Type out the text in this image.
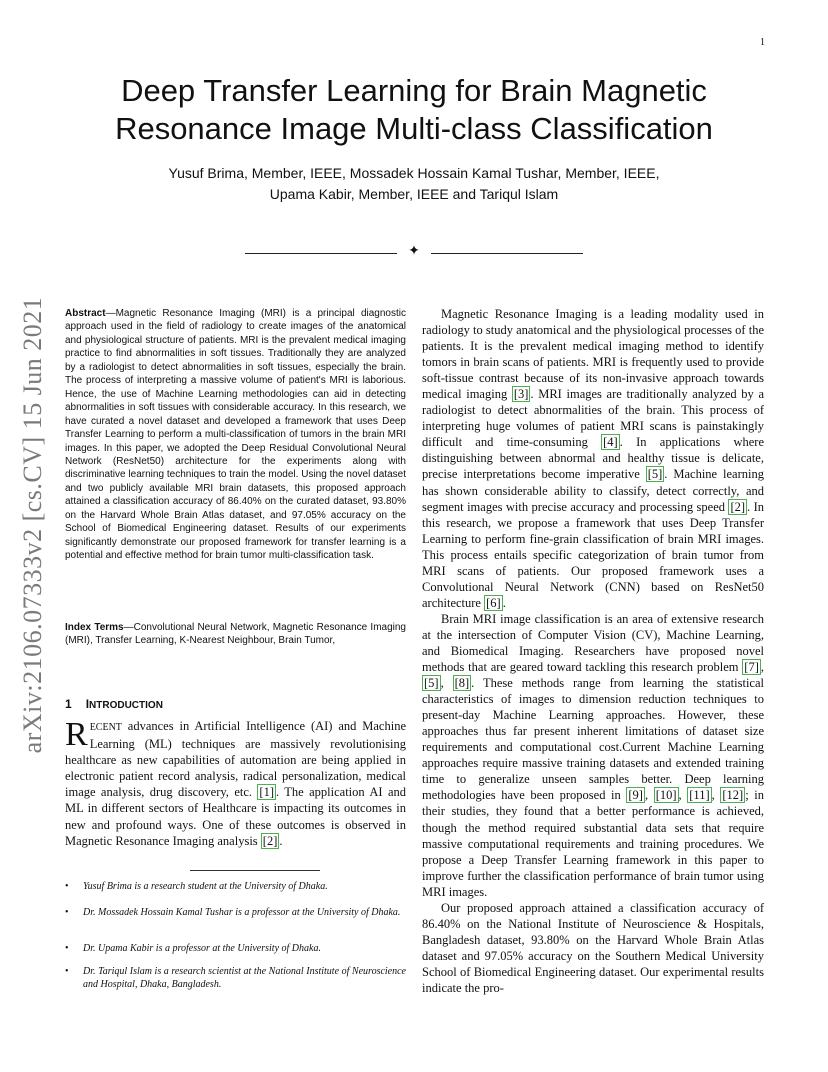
1
arXiv:2106.07333v2 [cs.CV] 15 Jun 2021
Deep Transfer Learning for Brain Magnetic
Resonance Image Multi-class Classification
Yusuf Brima, Member, IEEE, Mossadek Hossain Kamal Tushar, Member, IEEE,
Upama Kabir, Member, IEEE and Tariqul Islam
✦
Abstract—Magnetic Resonance Imaging (MRI) is a principal diagnostic approach used in the field of radiology to create images of the anatomical and physiological structure of patients. MRI is the prevalent medical imaging practice to find abnormalities in soft tissues. Traditionally they are analyzed by a radiologist to detect abnormalities in soft tissues, especially the brain. The process of interpreting a massive volume of patient's MRI is laborious. Hence, the use of Machine Learning methodologies can aid in detecting abnormalities in soft tissues with considerable accuracy. In this research, we have curated a novel dataset and developed a framework that uses Deep Transfer Learning to perform a multi-classification of tumors in the brain MRI images. In this paper, we adopted the Deep Residual Convolutional Neural Network (ResNet50) architecture for the experiments along with discriminative learning techniques to train the model. Using the novel dataset and two publicly available MRI brain datasets, this proposed approach attained a classification accuracy of 86.40% on the curated dataset, 93.80% on the Harvard Whole Brain Atlas dataset, and 97.05% accuracy on the School of Biomedical Engineering dataset. Results of our experiments significantly demonstrate our proposed framework for transfer learning is a potential and effective method for brain tumor multi-classification task.
Index Terms—Convolutional Neural Network, Magnetic Resonance Imaging (MRI), Transfer Learning, K-Nearest Neighbour, Brain Tumor,
1 INTRODUCTION
RECENT advances in Artificial Intelligence (AI) and Machine Learning (ML) techniques are massively revolutionising healthcare as new capabilities of automation are being applied in electronic patient record analysis, radical personalization, medical image analysis, drug discovery, etc. [1] . The application AI and ML in different sectors of Healthcare is impacting its outcomes in new and profound ways. One of these outcomes is observed in Magnetic Resonance Imaging analysis [2] .
• Yusuf Brima is a research student at the University of Dhaka.
• Dr. Mossadek Hossain Kamal Tushar is a professor at the University of Dhaka.
• Dr. Upama Kabir is a professor at the University of Dhaka.
• Dr. Tariqul Islam is a research scientist at the National Institute of Neuroscience and Hospital, Dhaka, Bangladesh.

Magnetic Resonance Imaging is a leading modality used in radiology to study anatomical and the physiological processes of the patients. It is the prevalent medical imaging method to identify tomors in brain scans of patients. MRI is frequently used to provide soft-tissue contrast because of its non-invasive approach towards medical imaging [3] . MRI images are traditionally analyzed by a radiologist to detect abnormalities of the brain. This process of interpreting huge volumes of patient MRI scans is painstakingly difficult and time-consuming [4] . In applications where distinguishing between abnormal and healthy tissue is delicate, precise interpretations become imperative [5] . Machine learning has shown considerable ability to classify, detect correctly, and segment images with precise accuracy and processing speed [2] . In this research, we propose a framework that uses Deep Transfer Learning to perform fine-grain classification of brain MRI images. This process entails specific categorization of brain tumor from MRI scans of patients. Our proposed framework uses a Convolutional Neural Network (CNN) based on ResNet50 architecture [6] .

Brain MRI image classification is an area of extensive research at the intersection of Computer Vision (CV), Machine Learning, and Biomedical Imaging. Researchers have proposed novel methods that are geared toward tackling this research problem [7] , [5] , [8] . These methods range from learning the statistical characteristics of images to dimension reduction techniques to present-day Machine Learning approaches. However, these approaches thus far present inherent limitations of dataset size requirements and computational cost.Current Machine Learning approaches require massive training datasets and extended training time to generalize unseen samples better. Deep learning methodologies have been proposed in [9] , [10] , [11] , [12] ; in their studies, they found that a better performance is achieved, though the method required substantial data sets that require massive computational requirements and training procedures. We propose a Deep Transfer Learning framework in this paper to improve further the classification performance of brain tumor using MRI images.

Our proposed approach attained a classification accuracy of 86.40% on the National Institute of Neuroscience & Hospitals, Bangladesh dataset, 93.80% on the Harvard Whole Brain Atlas dataset and 97.05% accuracy on the Southern Medical University School of Biomedical Engineering dataset. Our experimental results indicate the pro-
